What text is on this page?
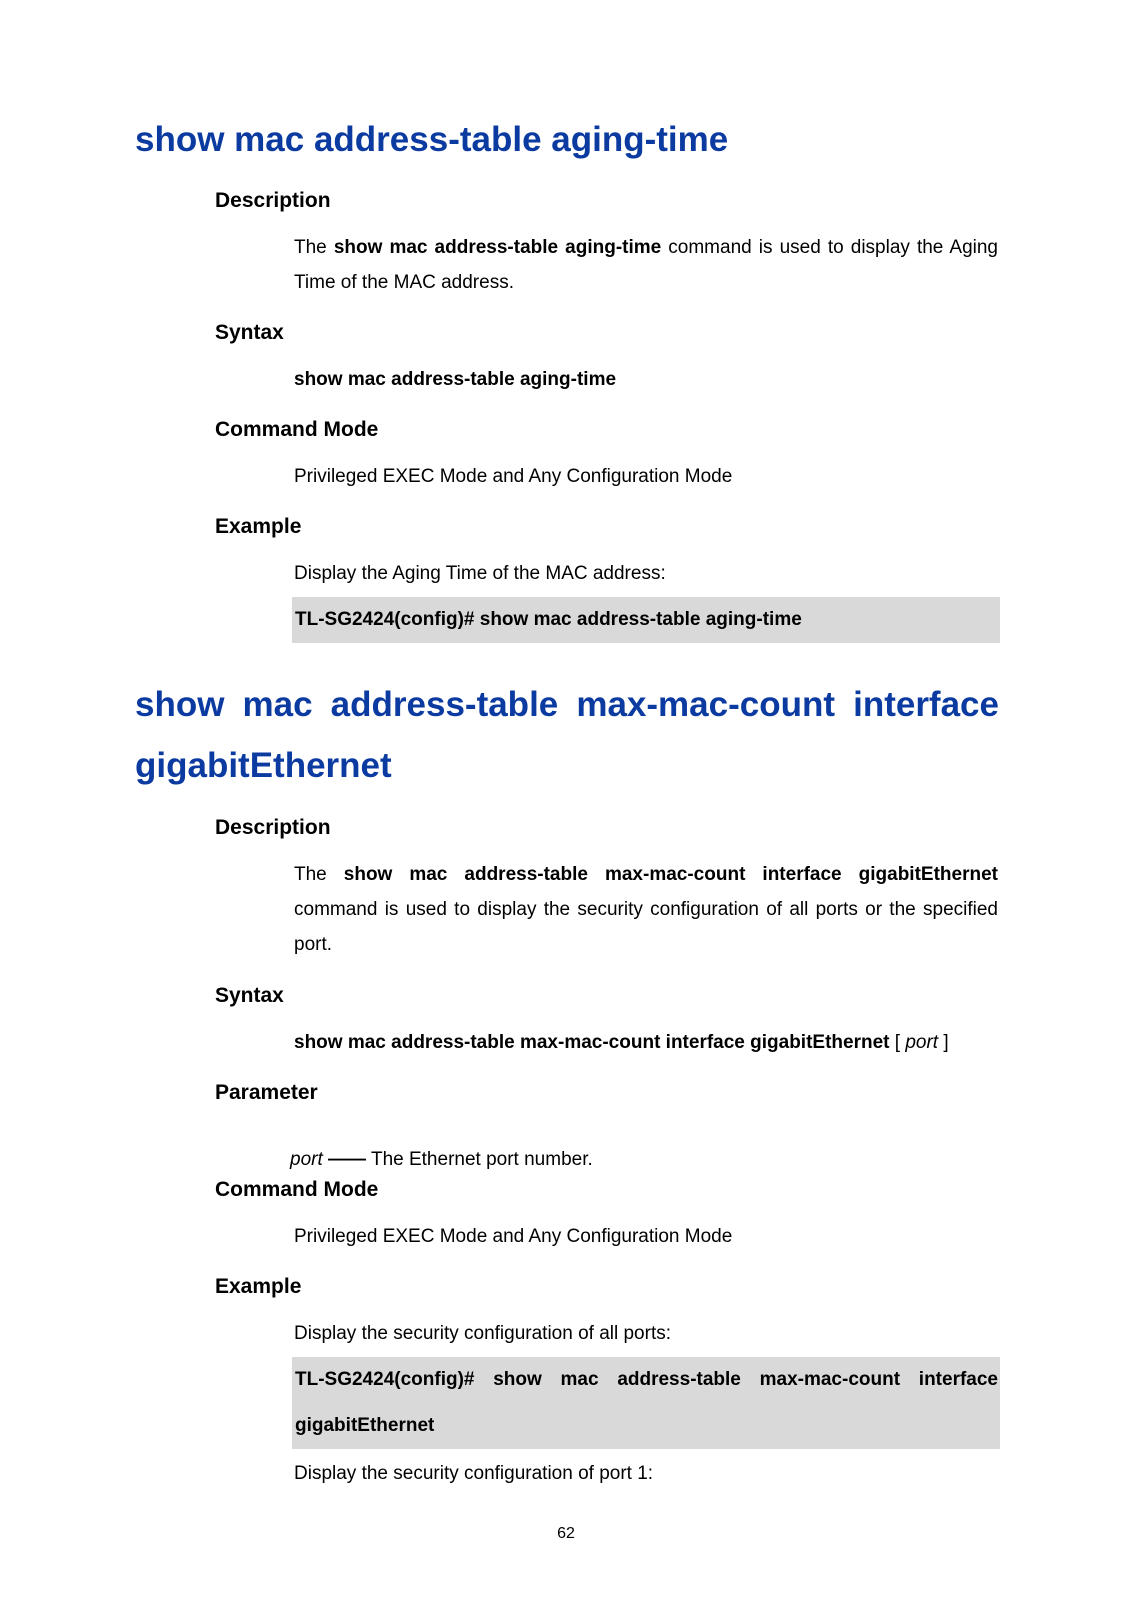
show mac address-table aging-time
Description

The show mac address-table aging-time command is used to display the Aging Time of the MAC address.

Syntax

show mac address-table aging-time

Command Mode

Privileged EXEC Mode and Any Configuration Mode

Example

Display the Aging Time of the MAC address:

TL-SG2424(config)# show mac address-table aging-time
show mac address-table max-mac-count interface
gigabitEthernet
Description

The show mac address-table max-mac-count interface gigabitEthernet command is used to display the security configuration of all ports or the specified port.

Syntax

show mac address-table max-mac-count interface gigabitEthernet [ port ]

Parameter

port —— The Ethernet port number.

Command Mode

Privileged EXEC Mode and Any Configuration Mode

Example

Display the security configuration of all ports:

TL-SG2424(config)# show mac address-table max-mac-count interface
gigabitEthernet

Display the security configuration of port 1:

62
